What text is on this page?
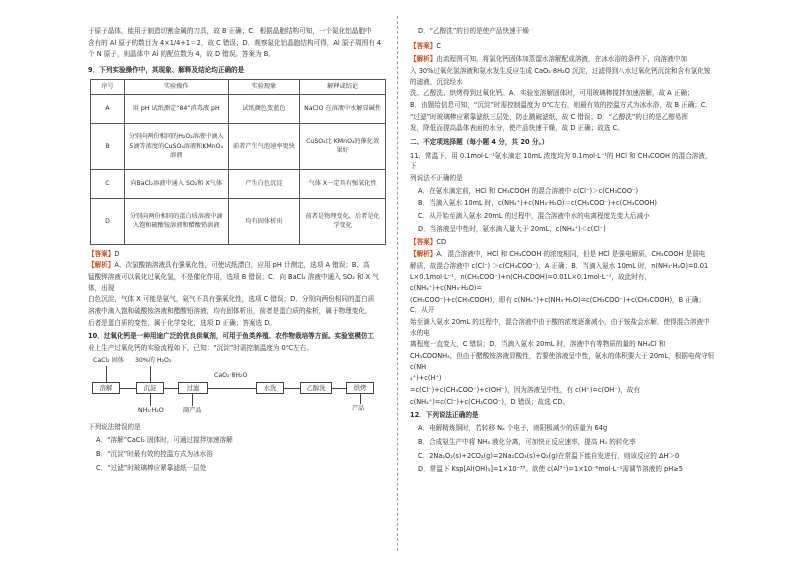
于原子晶体，能用于制造切割金属的刀具，故 B 正确；C．根据晶胞结构可知，一个氮化铝晶胞中

含有的 Al 原子的数目为 4×1/4+1＝2，故 C 错误；D．观察氮化铝晶胞结构可得，Al 原子周围有 4

个 N 原子，则晶体中 Al 的配位数为 4，故 D 错误。答案为 B。

9．下列实验操作中，其现象、解释及结论均正确的是

序号	实验操作	实验现象	解释或结论
A	用 pH 试纸测定“84”消毒液 pH	试纸颜色变蓝色	NaClO 在溶液中水解显碱性
B	分别向两份相同的H₂O₂溶液中滴入5滴等浓度的CuSO₄溶液和KMnO₄溶液	前者产生气泡速率更快	CuSO₄比 KMnO₄的催化效果好
C	向BaCl₂溶液中通入 SO₂和 X气体	产生白色沉淀	气体 X一定具有强氧化性
D	分别向两份相同的蛋白质溶液中滴入饱和硫酸铵溶液和醋酸铅溶液	均有固体析出	前者是物理变化，后者是化学变化

【答案】D

【解析】A、次氯酸钠溶液具有强氧化性，可使试纸漂白，应用 pH 计测定，选项 A 错误；B、高

锰酸钾溶液可以氧化过氧化氢，不是催化作用，选项 B 错误；C．向 BaCl₂ 溶液中通入 SO₂ 和 X 气体，出现

白色沉淀，气体 X 可能是氨气，氨气不具有强氧化性，选项 C 错误；D．分别向两份相同的蛋白质

溶液中滴入饱和硫酸铵溶液和醋酸铅溶液，均有固体析出，前者是蛋白质的盐析，属于物理变化，

后者是蛋白质的变性，属于化学变化，选项 D 正确；答案选 D。

10．过氧化钙是一种用途广泛的优良供氧剂，可用于鱼类养殖、农作物栽培等方面。实验室模仿工

业上生产过氧化钙的实验流程如下。已知：“沉淀”时需控制温度为 0℃左右。

CaCl₂ 固体 30%的 H₂O₂
CaO₂·8H₂O
溶解	沉淀	过滤	水洗	乙醇洗	烘烤
NH₃·H₂O	副产品	产品

下列说法错误的是

A．“溶解”CaCl₂ 固体时，可通过搅拌加速溶解

B．“沉淀”时最有效的控温方式为冰水浴

C．“过滤”时玻璃棒应紧靠滤纸一层处

D．“乙醇洗”的目的是使产品快速干燥

【答案】C

【解析】由流程图可知，将氯化钙固体加蒸馏水溶解配成溶液，在冰水浴的条件下，向溶液中加

入 30%过氧化氢溶液和氨水发生反应生成 CaO₂·8H₂O 沉淀，过滤得到八水过氧化钙沉淀和含有氯化铵的滤液，沉淀经水

洗、乙醇洗、烘烤得到过氧化钙。A．实验室溶解固体时，可用玻璃棒搅拌加速溶解，故 A 正确；

B．由题给信息可知，“沉淀”时需控制温度为 0℃左右，则最有效的控温方式为冰水浴，故 B 正确；C．

“过滤”时玻璃棒应紧靠滤纸三层处，防止戳破滤纸，故 C 错误；D．“乙醇洗”的目的是乙醇易挥

发，降低而提高晶体表面的水分，使产品快速干燥，故 D 正确；故选 C。

二、不定项选择题（每小题 4 分，共 20 分。）

11．常温下，用 0.1mol·L⁻¹氨水滴定 10mL 浓度均为 0.1mol·L⁻¹的 HCl 和 CH₃COOH 的混合溶液，下

列说法不正确的是

A．在氨水滴定前，HCl 和 CH₃COOH 的混合溶液中 c(Cl⁻)＞c(CH₃COO⁻)

B．当滴入氨水 10mL 时，c(NH₄⁺)+c(NH₃·H₂O)＝c(CH₃COO⁻)+c(CH₃COOH)

C．从开始至滴入氨水 20mL 的过程中，混合溶液中水的电离程度先变大后减小

D．当溶液呈中性时，氨水滴入量大于 20mL，c(NH₄⁺)＜c(Cl⁻)

【答案】CD

【解析】A．混合溶液中，HCl 和 CH₃COOH 的浓度相同，但是 HCl 是强电解质，CH₃COOH 是弱电

解质，故混合溶液中 c(Cl⁻) ＞c(CH₃COO⁻)，A 正确；B．当滴入氨水 10mL 时，n(NH₃·H₂O)=0.01

L×0.1mol·L⁻¹，n(CH₃COO⁻)+n(CH₃COOH)=0.01L×0.1mol·L⁻¹，故此时有，c(NH₄⁺)+c(NH₃·H₂O)=

(CH₃COO⁻)+c(CH₃COOH)，即有 c(NH₄⁺)+c(NH₃·H₂O)=c(CH₃COO⁻)+c(CH₃COOH)，B 正确；C．从开

始至滴入氨水 20mL 的过程中，混合溶液中由于酸的浓度逐渐减小，由于铵盐会水解，使得混合溶液中水的电

离程度一直变大，C 错误；D．当滴入氨水 20mL 时，溶液中有等物质的量的 NH₄Cl 和

CH₃COONH₄，但由于醋酸铵溶液显酸性，若要使溶液呈中性，氨水的体积要大于 20mL，根据电荷守恒 c(NH

₄⁺)+c(H⁺)

=c(Cl⁻)+c(CH₃COO⁻)+c(OH⁻)，因为溶液呈中性，有 c(H⁺)=c(OH⁻)，故有

c(NH₄⁺)=c(Cl⁻)+c(CH₃COO⁻)，D 错误；故选 CD。

12．下列说法正确的是

A．电解精炼铜时，若转移 Nₐ 个电子，则阳极减少的质量为 64g

B．合成氨生产中将 NH₃ 液化分离，可加快正反应速率，提高 H₂ 的转化率

C．2Na₂O₂(s)+2CO₂(g)=2Na₂CO₃(s)+O₂(g)在常温下能自发进行，则该反应的 ΔH＞0

D．常温下 Ksp[Al(OH)₃]=1×10⁻³³。欲使 c(Al³⁺)=1×10⁻⁶mol·L⁻¹需调节溶液的 pH≥5
